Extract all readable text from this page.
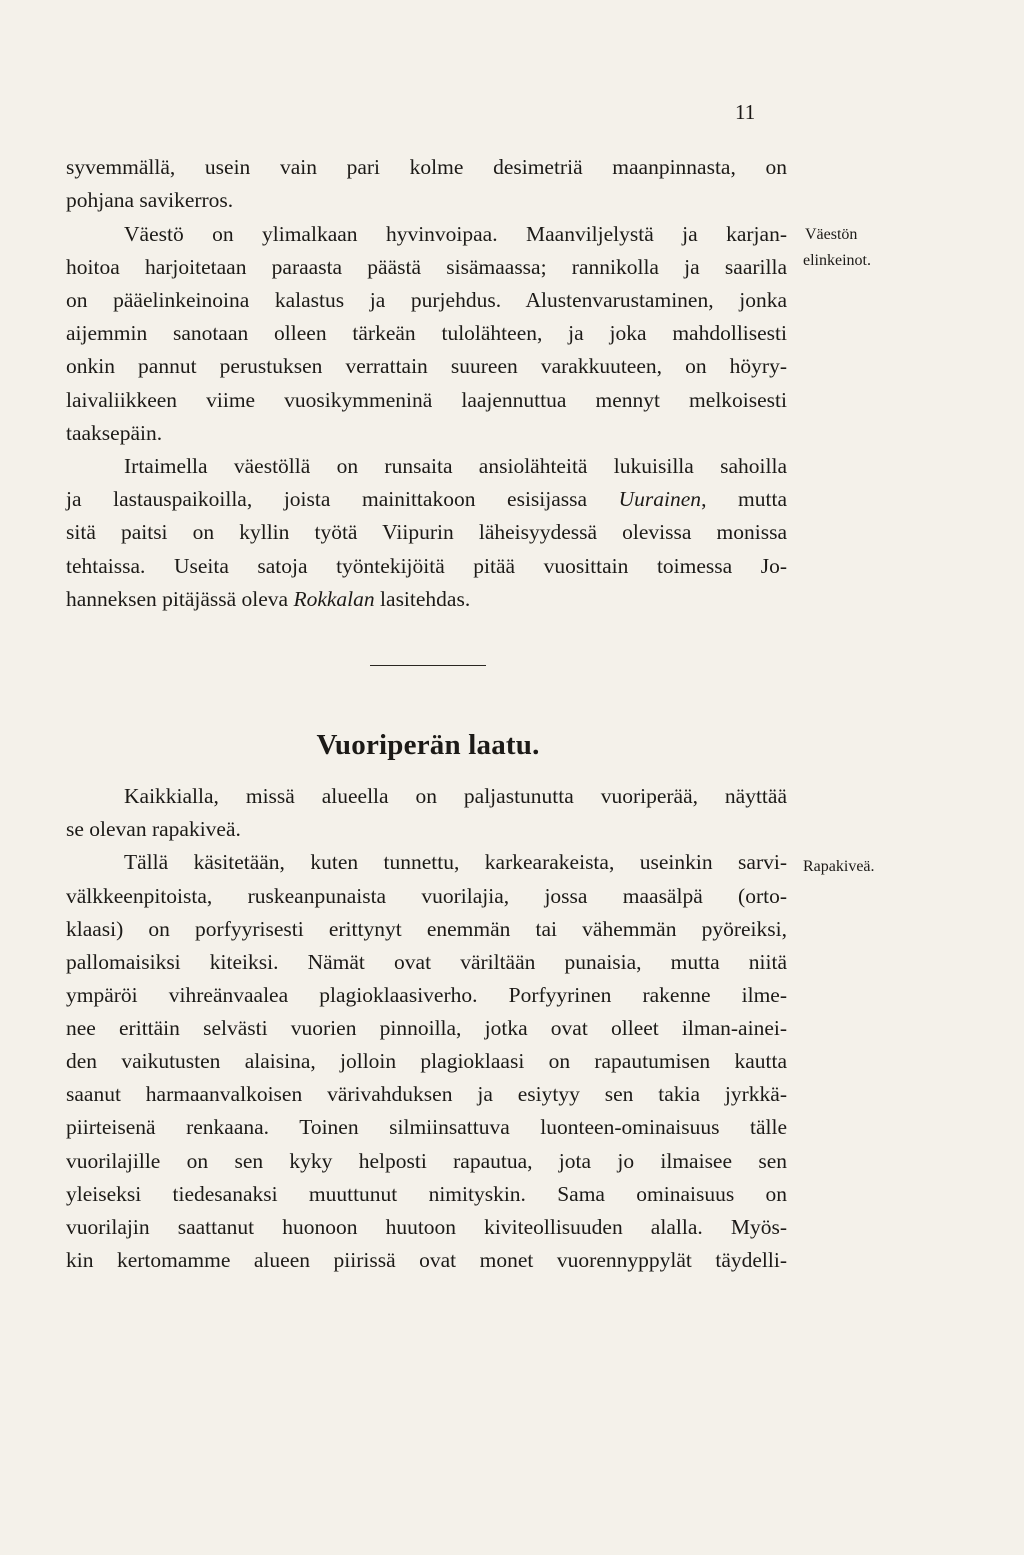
11
syvemmällä, usein vain pari kolme desimetriä maanpinnasta, on
pohjana savikerros.
Väestö on ylimalkaan hyvinvoipaa. Maanviljelystä ja karjan-
hoitoa harjoitetaan paraasta päästä sisämaassa; rannikolla ja saarilla
on pääelinkeinoina kalastus ja purjehdus. Alustenvarustaminen, jonka
aijemmin sanotaan olleen tärkeän tulolähteen, ja joka mahdollisesti
onkin pannut perustuksen verrattain suureen varakkuuteen, on höyry-
laivaliikkeen viime vuosikymmeninä laajennuttua mennyt melkoisesti
taaksepäin.
Irtaimella väestöllä on runsaita ansiolähteitä lukuisilla sahoilla
ja lastauspaikoilla, joista mainittakoon esisijassa Uurainen, mutta
sitä paitsi on kyllin työtä Viipurin läheisyydessä olevissa monissa
tehtaissa. Useita satoja työntekijöitä pitää vuosittain toimessa Jo-
hanneksen pitäjässä oleva Rokkalan lasitehdas.
Väestön
elinkeinot.
Rapakiveä.
Vuoriperän laatu.
Kaikkialla, missä alueella on paljastunutta vuoriperää, näyttää
se olevan rapakiveä.
Tällä käsitetään, kuten tunnettu, karkearakeista, useinkin sarvi-
välkkeenpitoista, ruskeanpunaista vuorilajia, jossa maasälpä (orto-
klaasi) on porfyyrisesti erittynyt enemmän tai vähemmän pyöreiksi,
pallomaisiksi kiteiksi. Nämät ovat väriltään punaisia, mutta niitä
ympäröi vihreänvaalea plagioklaasiverho. Porfyyrinen rakenne ilme-
nee erittäin selvästi vuorien pinnoilla, jotka ovat olleet ilman-ainei-
den vaikutusten alaisina, jolloin plagioklaasi on rapautumisen kautta
saanut harmaanvalkoisen värivahduksen ja esiytyy sen takia jyrkkä-
piirteisenä renkaana. Toinen silmiinsattuva luonteen-ominaisuus tälle
vuorilajille on sen kyky helposti rapautua, jota jo ilmaisee sen
yleiseksi tiedesanaksi muuttunut nimityskin. Sama ominaisuus on
vuorilajin saattanut huonoon huutoon kiviteollisuuden alalla. Myös-
kin kertomamme alueen piirissä ovat monet vuorennyppylät täydelli-
